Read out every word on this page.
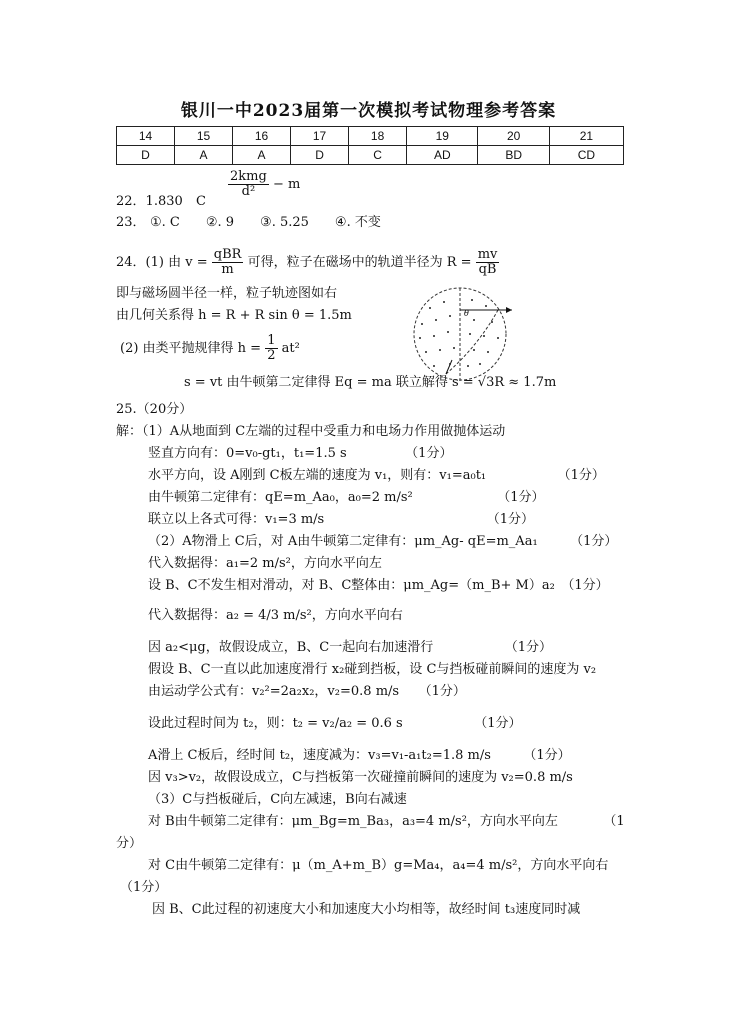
银川一中2023届第一次模拟考试物理参考答案
14	15	16	17	18	19	20	21
D	A	A	D	C	AD	BD	CD
22．1.830 C
$\frac{\text{2kmg}}{\text{d²}} - m$
23． ①. C　　②. 9　　③. 5.25　　④. 不变
24．(1) 由 $v = \frac{\text{qBR}}{m}$ 可得，粒子在磁场中的轨道半径为 $R = \frac{mv}{qB}$
即与磁场圆半径一样，粒子轨迹图如右
由几何关系得 h = R + R sin θ = 1.5m
(2) 由类平抛规律得 $h = \frac{1}{2} at^2$
s = vt 由牛顿第二定律得 Eq = ma 联立解得 s = √3R ≈ 1.7m
θ
25.（20分）
解：（1）A从地面到 C左端的过程中受重力和电场力作用做抛体运动
竖直方向有：0=v₀-gt₁，t₁=1.5 s　　　　　（1分）
水平方向，设 A刚到 C板左端的速度为 v₁，则有：v₁=a₀t₁　　　　　　（1分）
由牛顿第二定律有：qE=m_Aa₀，a₀=2 m/s²　　　　　　　（1分）
联立以上各式可得：v₁=3 m/s　　　　　　　　　　　　　（1分）
（2）A物滑上 C后，对 A由牛顿第二定律有：μm_Ag- qE=m_Aa₁　　　（1分）
代入数据得：a₁=2 m/s²，方向水平向左
设 B、C不发生相对滑动，对 B、C整体由：μm_Ag=（m_B+ M）a₂　（1分）
代入数据得：a₂ = 4/3 m/s²，方向水平向右
因 a₂<μg，故假设成立，B、C一起向右加速滑行　　　　　　（1分）
假设 B、C一直以此加速度滑行 x₂碰到挡板，设 C与挡板碰前瞬间的速度为 v₂
由运动学公式有：v₂²=2a₂x₂，v₂=0.8 m/s　　（1分）
设此过程时间为 t₂，则：t₂ = v₂/a₂ = 0.6 s　　　　　　（1分）
A滑上 C板后，经时间 t₂，速度减为：v₃=v₁-a₁t₂=1.8 m/s　　　（1分）
因 v₃>v₂，故假设成立，C与挡板第一次碰撞前瞬间的速度为 v₂=0.8 m/s
（3）C与挡板碰后，C向左减速，B向右减速
对 B由牛顿第二定律有：μm_Bg=m_Ba₃，a₃=4 m/s²，方向水平向左　　　　（1
分）
对 C由牛顿第二定律有：μ（m_A+m_B）g=Ma₄，a₄=4 m/s²，方向水平向右
（1分）
因 B、C此过程的初速度大小和加速度大小均相等，故经时间 t₃速度同时减
